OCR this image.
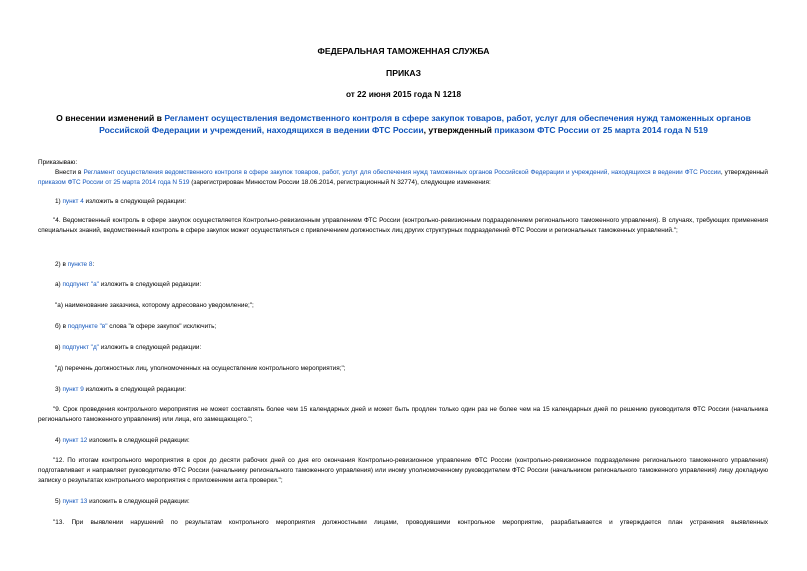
ФЕДЕРАЛЬНАЯ ТАМОЖЕННАЯ СЛУЖБА
ПРИКАЗ
от 22 июня 2015 года N 1218
О внесении изменений в Регламент осуществления ведомственного контроля в сфере закупок товаров, работ, услуг для обеспечения нужд таможенных органов Российской Федерации и учреждений, находящихся в ведении ФТС России, утвержденный приказом ФТС России от 25 марта 2014 года N 519
Приказываю:
Внести в Регламент осуществления ведомственного контроля в сфере закупок товаров, работ, услуг для обеспечения нужд таможенных органов Российской Федерации и учреждений, находящихся в ведении ФТС России, утвержденный приказом ФТС России от 25 марта 2014 года N 519 (зарегистрирован Минюстом России 18.06.2014, регистрационный N 32774), следующие изменения:
1) пункт 4 изложить в следующей редакции:
"4. Ведомственный контроль в сфере закупок осуществляется Контрольно-ревизионным управлением ФТС России (контрольно-ревизионным подразделением регионального таможенного управления). В случаях, требующих применения специальных знаний, ведомственный контроль в сфере закупок может осуществляться с привлечением должностных лиц других структурных подразделений ФТС России и региональных таможенных управлений.";
2) в пункте 8:
а) подпункт "а" изложить в следующей редакции:
"а) наименование заказчика, которому адресовано уведомление;";
б) в подпункте "в" слова "в сфере закупок" исключить;
в) подпункт "д" изложить в следующей редакции:
"д) перечень должностных лиц, уполномоченных на осуществление контрольного мероприятия;";
3) пункт 9 изложить в следующей редакции:
"9. Срок проведения контрольного мероприятия не может составлять более чем 15 календарных дней и может быть продлен только один раз не более чем на 15 календарных дней по решению руководителя ФТС России (начальника регионального таможенного управления) или лица, его замещающего.";
4) пункт 12 изложить в следующей редакции:
"12. По итогам контрольного мероприятия в срок до десяти рабочих дней со дня его окончания Контрольно-ревизионное управление ФТС России (контрольно-ревизионное подразделение регионального таможенного управления) подготавливает и направляет руководителю ФТС России (начальнику регионального таможенного управления) или иному уполномоченному руководителем ФТС России (начальником регионального таможенного управления) лицу докладную записку о результатах контрольного мероприятия с приложением акта проверки.";
5) пункт 13 изложить в следующей редакции:
"13. При выявлении нарушений по результатам контрольного мероприятия должностными лицами, проводившими контрольное мероприятие, разрабатывается и утверждается план устранения выявленных
